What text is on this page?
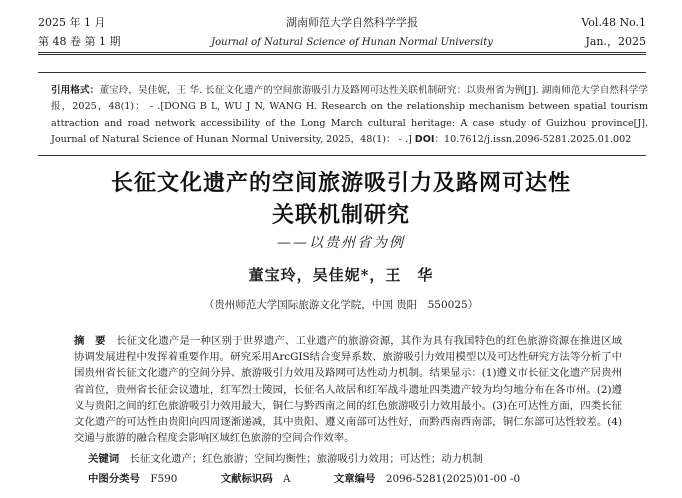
2025 年 1 月	湖南师范大学自然科学学报	Vol.48 No.1
第 48 卷 第 1 期	Journal of Natural Science of Hunan Normal University	Jan.，2025
引用格式：董宝玲，吴佳妮，王 华. 长征文化遗产的空间旅游吸引力及路网可达性关联机制研究：以贵州省为例[J]. 湖南师范大学自然科学学报，2025，48(1)： - .[DONG B L, WU J N, WANG H. Research on the relationship mechanism between spatial tourism attraction and road network accessibility of the Long March cultural heritage: A case study of Guizhou province[J]. Journal of Natural Science of Hunan Normal University, 2025，48(1)： - .] DOI：10.7612/j.issn.2096-5281.2025.01.002
长征文化遗产的空间旅游吸引力及路网可达性
关联机制研究
——以贵州省为例
董宝玲，吴佳妮*，王　华
（贵州师范大学国际旅游文化学院，中国 贵阳　550025）
摘　要　 长征文化遗产是一种区别于世界遗产、工业遗产的旅游资源，其作为具有我国特色的红色旅游资源在推进区域协调发展进程中发挥着重要作用。研究采用ArcGIS结合变异系数、旅游吸引力效用模型以及可达性研究方法等分析了中国贵州省长征文化遗产的空间分异、旅游吸引力效用及路网可达性动力机制。结果显示：(1)遵义市长征文化遗产居贵州省首位，贵州省长征会议遗址，红军烈士陵园，长征名人故居和红军战斗遗址四类遗产较为均匀地分布在各市州。(2)遵义与贵阳之间的红色旅游吸引力效用最大，铜仁与黔西南之间的红色旅游吸引力效用最小。(3)在可达性方面，四类长征文化遗产的可达性由贵阳向四周逐渐递减，其中贵阳、遵义南部可达性好，而黔西南西南部，铜仁东部可达性较差。(4)交通与旅游的融合程度会影响区域红色旅游的空间合作效率。
关键词　 长征文化遗产；红色旅游；空间均衡性；旅游吸引力效用；可达性；动力机制
中图分类号　 F590	文献标识码　 A	文章编号　 2096-5281(2025)01-00 -0
